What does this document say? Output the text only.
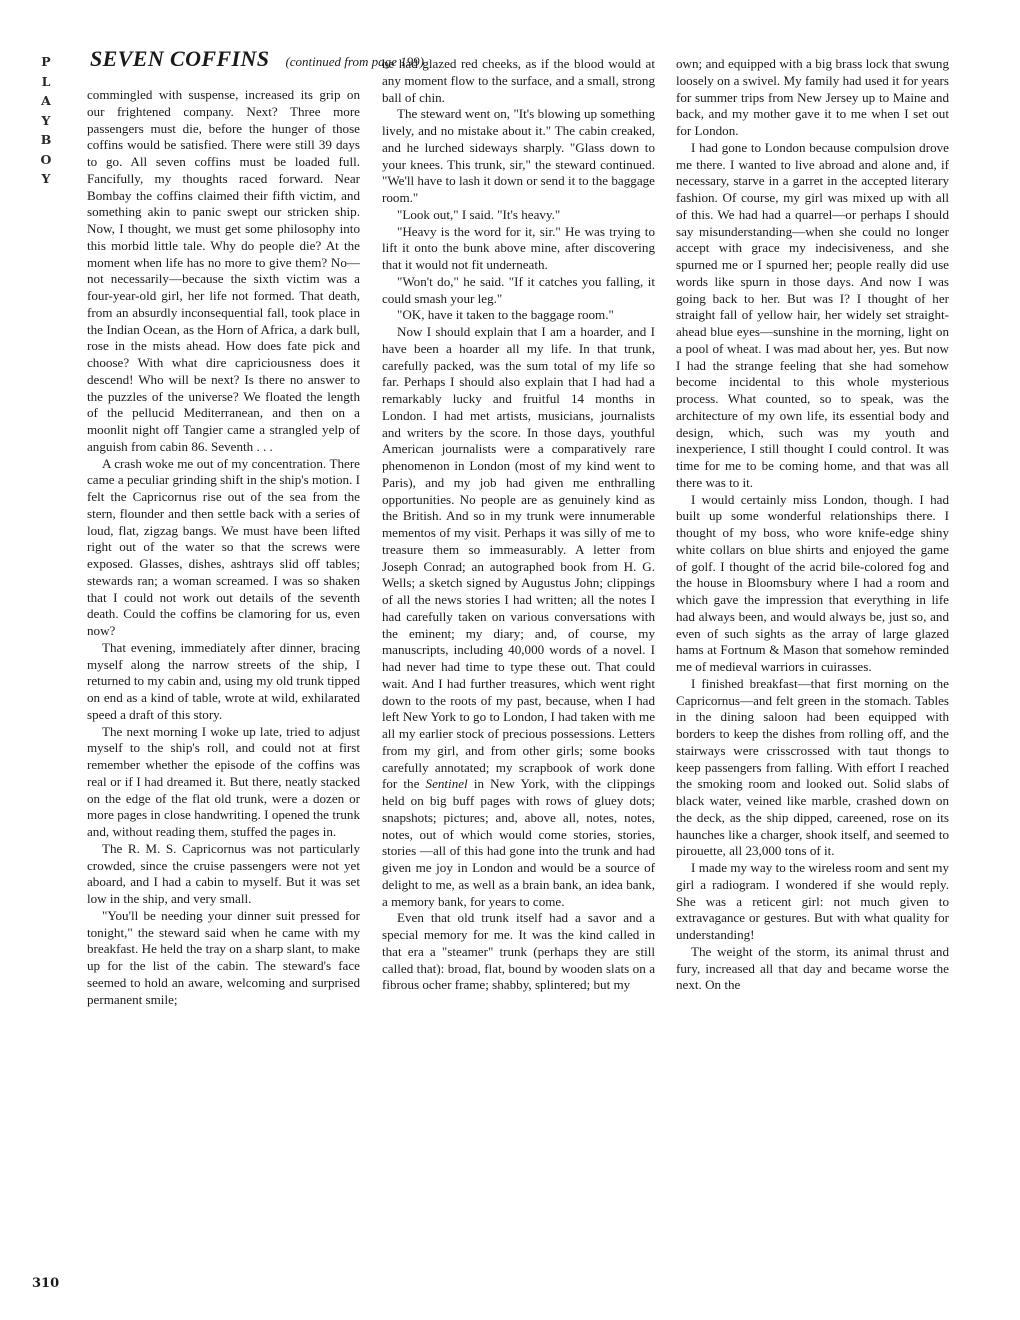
P
L
A
Y
B
O
Y
SEVEN COFFINS (continued from page 199)

commingled with suspense, increased its grip on our frightened company. Next? Three more passengers must die, before the hunger of those coffins would be satisfied. There were still 39 days to go. All seven coffins must be loaded full. Fancifully, my thoughts raced forward. Near Bombay the coffins claimed their fifth victim, and something akin to panic swept our stricken ship. Now, I thought, we must get some philosophy into this morbid little tale. Why do people die? At the moment when life has no more to give them? No—not necessarily—because the sixth victim was a four-year-old girl, her life not formed. That death, from an absurdly inconsequential fall, took place in the Indian Ocean, as the Horn of Africa, a dark bull, rose in the mists ahead. How does fate pick and choose? With what dire capriciousness does it descend! Who will be next? Is there no answer to the puzzles of the universe? We floated the length of the pellucid Mediterranean, and then on a moonlit night off Tangier came a strangled yelp of anguish from cabin 86. Seventh . . .

A crash woke me out of my concentration. There came a peculiar grinding shift in the ship's motion. I felt the Capricornus rise out of the sea from the stern, flounder and then settle back with a series of loud, flat, zigzag bangs. We must have been lifted right out of the water so that the screws were exposed. Glasses, dishes, ashtrays slid off tables; stewards ran; a woman screamed. I was so shaken that I could not work out details of the seventh death. Could the coffins be clamoring for us, even now?

That evening, immediately after dinner, bracing myself along the narrow streets of the ship, I returned to my cabin and, using my old trunk tipped on end as a kind of table, wrote at wild, exhilarated speed a draft of this story.

The next morning I woke up late, tried to adjust myself to the ship's roll, and could not at first remember whether the episode of the coffins was real or if I had dreamed it. But there, neatly stacked on the edge of the flat old trunk, were a dozen or more pages in close handwriting. I opened the trunk and, without reading them, stuffed the pages in.

The R. M. S. Capricornus was not particularly crowded, since the cruise passengers were not yet aboard, and I had a cabin to myself. But it was set low in the ship, and very small.

"You'll be needing your dinner suit pressed for tonight," the steward said when he came with my breakfast. He held the tray on a sharp slant, to make up for the list of the cabin. The steward's face seemed to hold an aware, welcoming and surprised permanent smile;

he had glazed red cheeks, as if the blood would at any moment flow to the surface, and a small, strong ball of chin.

The steward went on, "It's blowing up something lively, and no mistake about it." The cabin creaked, and he lurched sideways sharply. "Glass down to your knees. This trunk, sir," the steward continued. "We'll have to lash it down or send it to the baggage room."

"Look out," I said. "It's heavy."

"Heavy is the word for it, sir." He was trying to lift it onto the bunk above mine, after discovering that it would not fit underneath.

"Won't do," he said. "If it catches you falling, it could smash your leg."

"OK, have it taken to the baggage room."

Now I should explain that I am a hoarder, and I have been a hoarder all my life. In that trunk, carefully packed, was the sum total of my life so far. Perhaps I should also explain that I had had a remarkably lucky and fruitful 14 months in London. I had met artists, musicians, journalists and writers by the score. In those days, youthful American journalists were a comparatively rare phenomenon in London (most of my kind went to Paris), and my job had given me enthralling opportunities. No people are as genuinely kind as the British. And so in my trunk were innumerable mementos of my visit. Perhaps it was silly of me to treasure them so immeasurably. A letter from Joseph Conrad; an autographed book from H. G. Wells; a sketch signed by Augustus John; clippings of all the news stories I had written; all the notes I had carefully taken on various conversations with the eminent; my diary; and, of course, my manuscripts, including 40,000 words of a novel. I had never had time to type these out. That could wait. And I had further treasures, which went right down to the roots of my past, because, when I had left New York to go to London, I had taken with me all my earlier stock of precious possessions. Letters from my girl, and from other girls; some books carefully annotated; my scrapbook of work done for the Sentinel in New York, with the clippings held on big buff pages with rows of gluey dots; snapshots; pictures; and, above all, notes, notes, notes, out of which would come stories, stories, stories —all of this had gone into the trunk and had given me joy in London and would be a source of delight to me, as well as a brain bank, an idea bank, a memory bank, for years to come.

Even that old trunk itself had a savor and a special memory for me. It was the kind called in that era a "steamer" trunk (perhaps they are still called that): broad, flat, bound by wooden slats on a fibrous ocher frame; shabby, splintered; but my

own; and equipped with a big brass lock that swung loosely on a swivel. My family had used it for years for summer trips from New Jersey up to Maine and back, and my mother gave it to me when I set out for London.

I had gone to London because compulsion drove me there. I wanted to live abroad and alone and, if necessary, starve in a garret in the accepted literary fashion. Of course, my girl was mixed up with all of this. We had had a quarrel—or perhaps I should say misunderstanding—when she could no longer accept with grace my indecisiveness, and she spurned me or I spurned her; people really did use words like spurn in those days. And now I was going back to her. But was I? I thought of her straight fall of yellow hair, her widely set straight-ahead blue eyes—sunshine in the morning, light on a pool of wheat. I was mad about her, yes. But now I had the strange feeling that she had somehow become incidental to this whole mysterious process. What counted, so to speak, was the architecture of my own life, its essential body and design, which, such was my youth and inexperience, I still thought I could control. It was time for me to be coming home, and that was all there was to it.

I would certainly miss London, though. I had built up some wonderful relationships there. I thought of my boss, who wore knife-edge shiny white collars on blue shirts and enjoyed the game of golf. I thought of the acrid bile-colored fog and the house in Bloomsbury where I had a room and which gave the impression that everything in life had always been, and would always be, just so, and even of such sights as the array of large glazed hams at Fortnum & Mason that somehow reminded me of medieval warriors in cuirasses.

I finished breakfast—that first morning on the Capricornus—and felt green in the stomach. Tables in the dining saloon had been equipped with borders to keep the dishes from rolling off, and the stairways were crisscrossed with taut thongs to keep passengers from falling. With effort I reached the smoking room and looked out. Solid slabs of black water, veined like marble, crashed down on the deck, as the ship dipped, careened, rose on its haunches like a charger, shook itself, and seemed to pirouette, all 23,000 tons of it.

I made my way to the wireless room and sent my girl a radiogram. I wondered if she would reply. She was a reticent girl: not much given to extravagance or gestures. But with what quality for understanding!

The weight of the storm, its animal thrust and fury, increased all that day and became worse the next. On the

310
